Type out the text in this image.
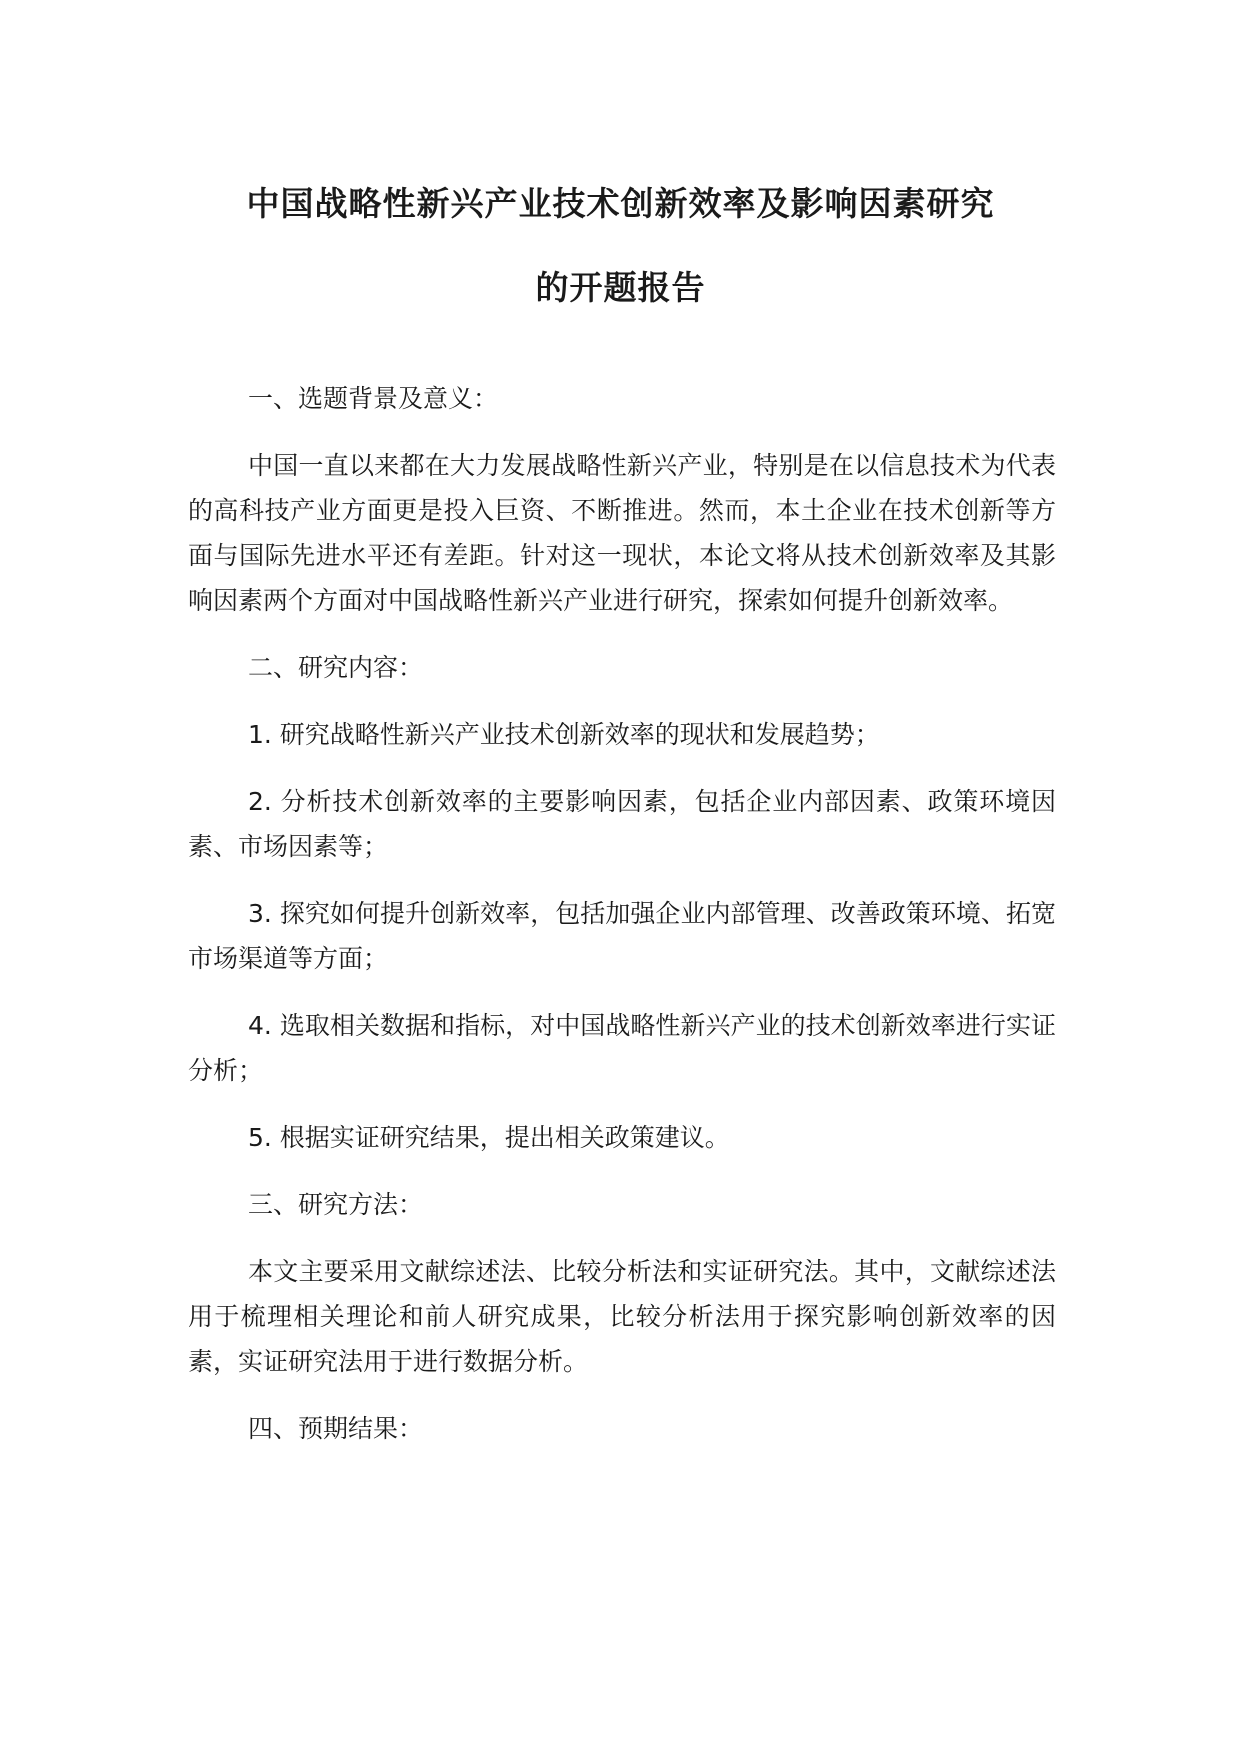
中国战略性新兴产业技术创新效率及影响因素研究
的开题报告

一、选题背景及意义：

中国一直以来都在大力发展战略性新兴产业，特别是在以信息技术为代表的高科技产业方面更是投入巨资、不断推进。然而，本土企业在技术创新等方面与国际先进水平还有差距。针对这一现状，本论文将从技术创新效率及其影响因素两个方面对中国战略性新兴产业进行研究，探索如何提升创新效率。

二、研究内容：

1. 研究战略性新兴产业技术创新效率的现状和发展趋势；

2. 分析技术创新效率的主要影响因素，包括企业内部因素、政策环境因素、市场因素等；

3. 探究如何提升创新效率，包括加强企业内部管理、改善政策环境、拓宽市场渠道等方面；

4. 选取相关数据和指标，对中国战略性新兴产业的技术创新效率进行实证分析；

5. 根据实证研究结果，提出相关政策建议。

三、研究方法：

本文主要采用文献综述法、比较分析法和实证研究法。其中，文献综述法用于梳理相关理论和前人研究成果，比较分析法用于探究影响创新效率的因素，实证研究法用于进行数据分析。

四、预期结果：
